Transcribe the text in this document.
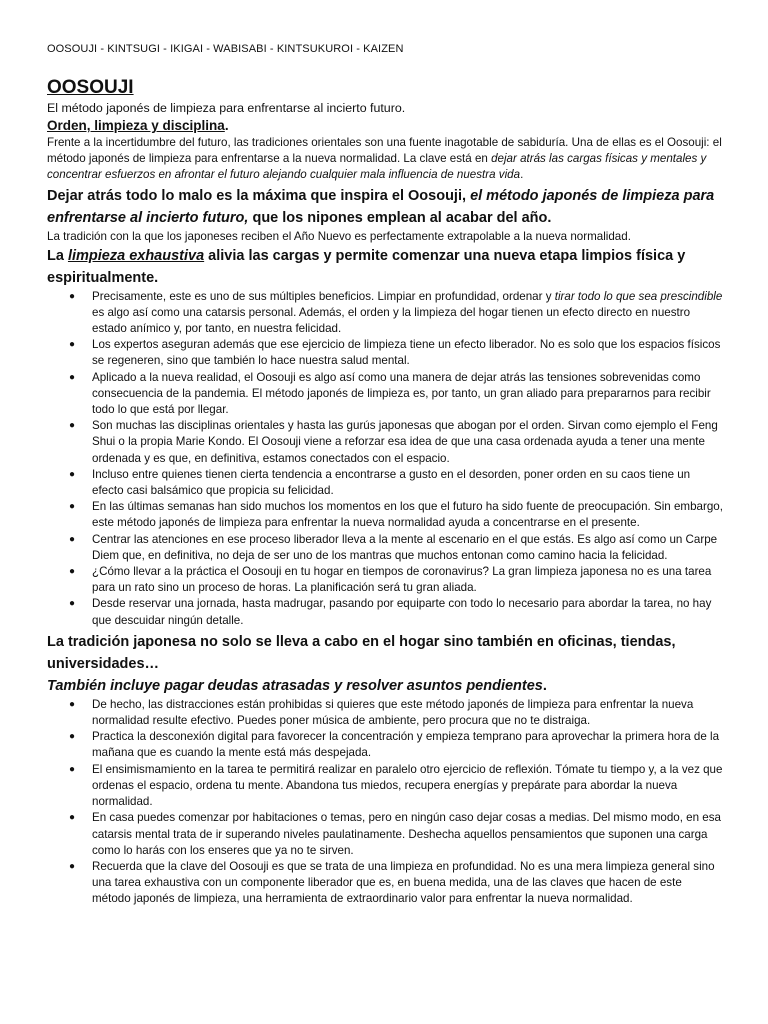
OOSOUJI - KINTSUGI - IKIGAI - WABISABI - KINTSUKUROI - KAIZEN

OOSOUJI

El método japonés de limpieza para enfrentarse al incierto futuro.

Orden, limpieza y disciplina.

Frente a la incertidumbre del futuro, las tradiciones orientales son una fuente inagotable de sabiduría. Una de ellas es el Oosouji: el método japonés de limpieza para enfrentarse a la nueva normalidad. La clave está en dejar atrás las cargas físicas y mentales y concentrar esfuerzos en afrontar el futuro alejando cualquier mala influencia de nuestra vida.

Dejar atrás todo lo malo es la máxima que inspira el Oosouji, el método japonés de limpieza para enfrentarse al incierto futuro, que los nipones emplean al acabar del año.

La tradición con la que los japoneses reciben el Año Nuevo es perfectamente extrapolable a la nueva normalidad.

La limpieza exhaustiva alivia las cargas y permite comenzar una nueva etapa limpios física y espiritualmente.

● Precisamente, este es uno de sus múltiples beneficios. Limpiar en profundidad, ordenar y tirar todo lo que sea prescindible es algo así como una catarsis personal. Además, el orden y la limpieza del hogar tienen un efecto directo en nuestro estado anímico y, por tanto, en nuestra felicidad.
● Los expertos aseguran además que ese ejercicio de limpieza tiene un efecto liberador. No es solo que los espacios físicos se regeneren, sino que también lo hace nuestra salud mental.
● Aplicado a la nueva realidad, el Oosouji es algo así como una manera de dejar atrás las tensiones sobrevenidas como consecuencia de la pandemia. El método japonés de limpieza es, por tanto, un gran aliado para prepararnos para recibir todo lo que está por llegar.
● Son muchas las disciplinas orientales y hasta las gurús japonesas que abogan por el orden. Sirvan como ejemplo el Feng Shui o la propia Marie Kondo. El Oosouji viene a reforzar esa idea de que una casa ordenada ayuda a tener una mente ordenada y es que, en definitiva, estamos conectados con el espacio.
● Incluso entre quienes tienen cierta tendencia a encontrarse a gusto en el desorden, poner orden en su caos tiene un efecto casi balsámico que propicia su felicidad.
● En las últimas semanas han sido muchos los momentos en los que el futuro ha sido fuente de preocupación. Sin embargo, este método japonés de limpieza para enfrentar la nueva normalidad ayuda a concentrarse en el presente.
● Centrar las atenciones en ese proceso liberador lleva a la mente al escenario en el que estás. Es algo así como un Carpe Diem que, en definitiva, no deja de ser uno de los mantras que muchos entonan como camino hacia la felicidad.
● ¿Cómo llevar a la práctica el Oosouji en tu hogar en tiempos de coronavirus? La gran limpieza japonesa no es una tarea para un rato sino un proceso de horas. La planificación será tu gran aliada.
● Desde reservar una jornada, hasta madrugar, pasando por equiparte con todo lo necesario para abordar la tarea, no hay que descuidar ningún detalle.

La tradición japonesa no solo se lleva a cabo en el hogar sino también en oficinas, tiendas, universidades…

También incluye pagar deudas atrasadas y resolver asuntos pendientes.

● De hecho, las distracciones están prohibidas si quieres que este método japonés de limpieza para enfrentar la nueva normalidad resulte efectivo. Puedes poner música de ambiente, pero procura que no te distraiga.
● Practica la desconexión digital para favorecer la concentración y empieza temprano para aprovechar la primera hora de la mañana que es cuando la mente está más despejada.
● El ensimismamiento en la tarea te permitirá realizar en paralelo otro ejercicio de reflexión. Tómate tu tiempo y, a la vez que ordenas el espacio, ordena tu mente. Abandona tus miedos, recupera energías y prepárate para abordar la nueva normalidad.
● En casa puedes comenzar por habitaciones o temas, pero en ningún caso dejar cosas a medias. Del mismo modo, en esa catarsis mental trata de ir superando niveles paulatinamente. Deshecha aquellos pensamientos que suponen una carga como lo harás con los enseres que ya no te sirven.
● Recuerda que la clave del Oosouji es que se trata de una limpieza en profundidad. No es una mera limpieza general sino una tarea exhaustiva con un componente liberador que es, en buena medida, una de las claves que hacen de este método japonés de limpieza, una herramienta de extraordinario valor para enfrentar la nueva normalidad.
